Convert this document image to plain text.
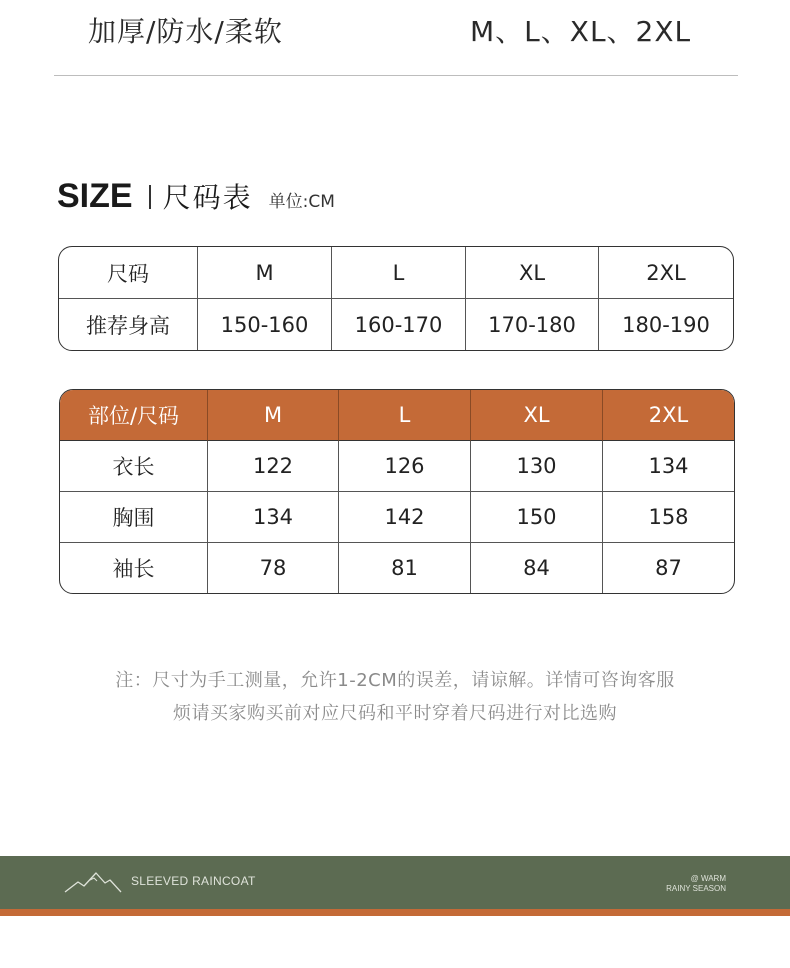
加厚/防水/柔软	M、L、XL、2XL
SIZE 尺码表 单位:CM
尺码	M	L	XL	2XL
推荐身高	150-160	160-170	170-180	180-190
部位/尺码	M	L	XL	2XL
衣长	122	126	130	134
胸围	134	142	150	158
袖长	78	81	84	87
注：尺寸为手工测量，允许1-2CM的误差，请谅解。详情可咨询客服
烦请买家购买前对应尺码和平时穿着尺码进行对比选购
SLEEVED RAINCOAT	@ WARM
RAINY SEASON
